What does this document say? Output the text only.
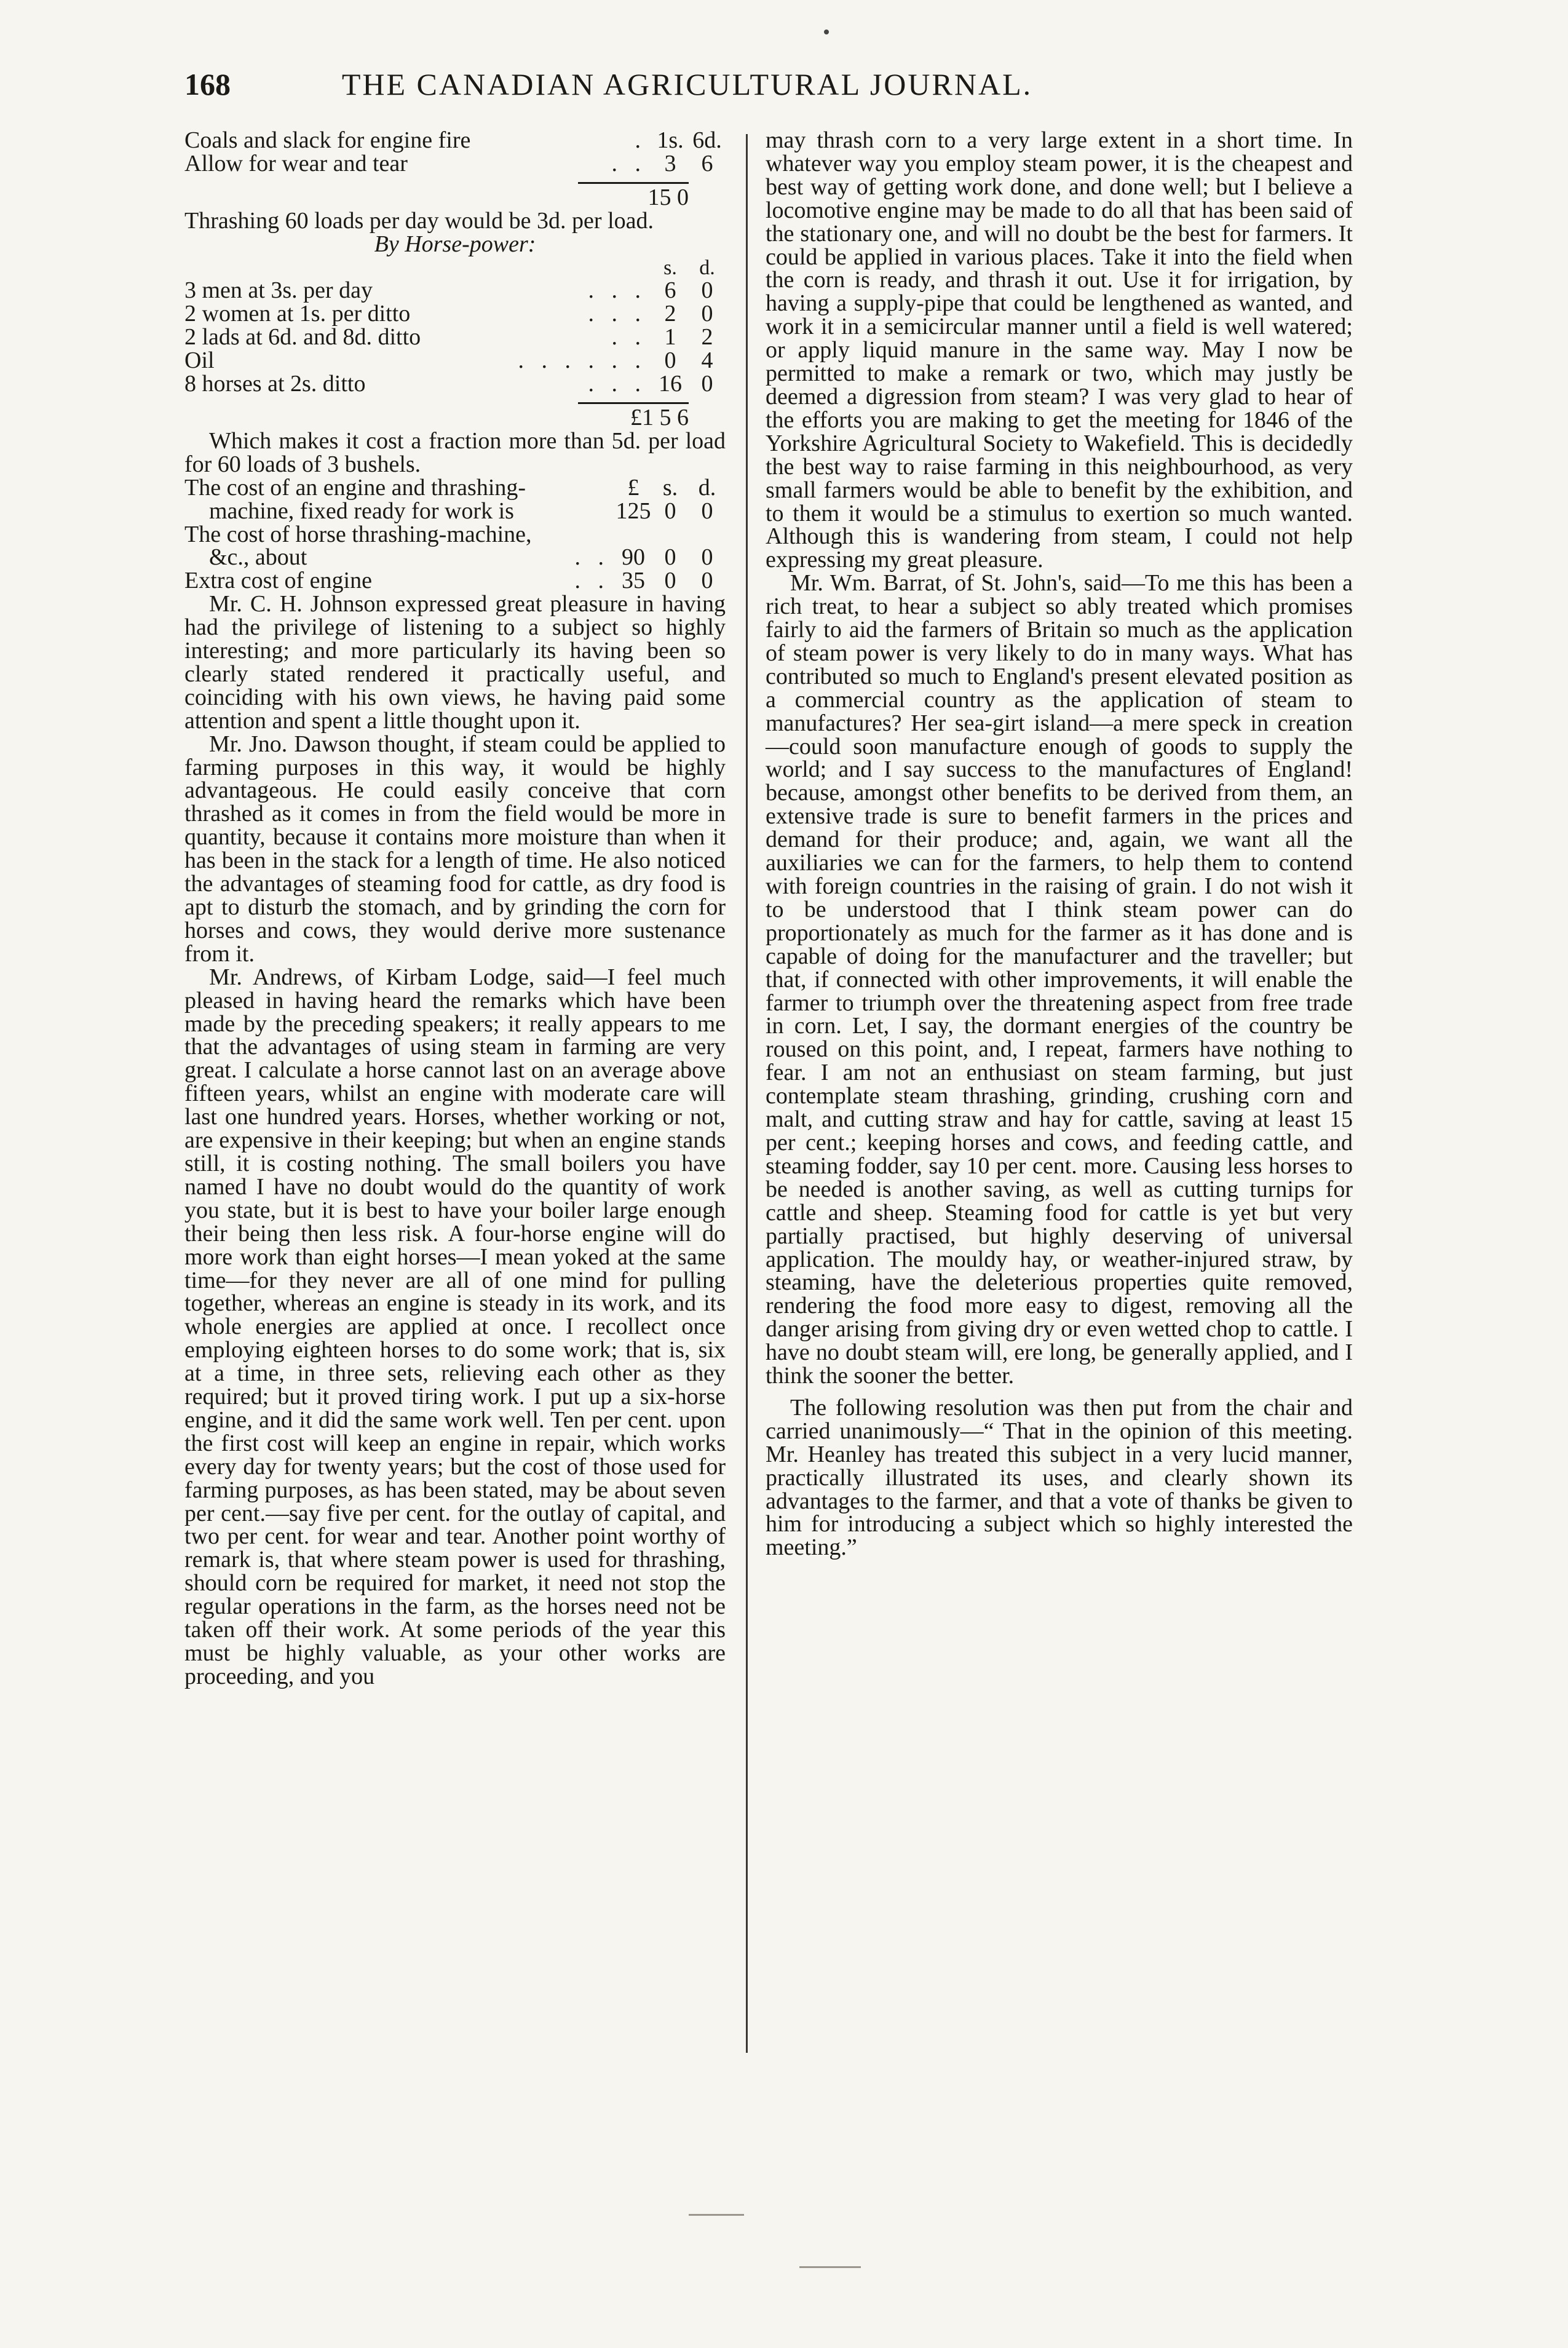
168	THE CANADIAN AGRICULTURAL JOURNAL.
Coals and slack for engine fire	.	1s.	6d.
Allow for wear and tear	.   .	3	6
15 0

Thrashing 60 loads per day would be 3d. per load.

By Horse-power:
		s.	d.
3 men at 3s. per day	.   .   .	6	0
2 women at 1s. per ditto	.   .   .	2	0
2 lads at 6d. and 8d. ditto	.   .	1	2
Oil	.   .   .   .   .   .	0	4
8 horses at 2s. ditto	.   .   .	16	0
£1 5 6

Which makes it cost a fraction more than 5d. per load for 60 loads of 3 bushels.

The cost of an engine and thrashing-		£	s.	d.
machine, fixed ready for work is		125	0	0
The cost of horse thrashing-machine,				
&c., about	.   .	90	0	0
Extra cost of engine	.   .	35	0	0

Mr. C. H. Johnson expressed great pleasure in having had the privilege of listening to a subject so highly interesting; and more particularly its having been so clearly stated rendered it practically useful, and coinciding with his own views, he having paid some attention and spent a little thought upon it.

Mr. Jno. Dawson thought, if steam could be applied to farming purposes in this way, it would be highly advantageous. He could easily conceive that corn thrashed as it comes in from the field would be more in quantity, because it contains more moisture than when it has been in the stack for a length of time. He also noticed the advantages of steaming food for cattle, as dry food is apt to disturb the stomach, and by grinding the corn for horses and cows, they would derive more sustenance from it.

Mr. Andrews, of Kirbam Lodge, said—I feel much pleased in having heard the remarks which have been made by the preceding speakers; it really appears to me that the advantages of using steam in farming are very great. I calculate a horse cannot last on an average above fifteen years, whilst an engine with moderate care will last one hundred years. Horses, whether working or not, are expensive in their keeping; but when an engine stands still, it is costing nothing. The small boilers you have named I have no doubt would do the quantity of work you state, but it is best to have your boiler large enough their being then less risk. A four-horse engine will do more work than eight horses—I mean yoked at the same time—for they never are all of one mind for pulling together, whereas an engine is steady in its work, and its whole energies are applied at once. I recollect once employing eighteen horses to do some work; that is, six at a time, in three sets, relieving each other as they required; but it proved tiring work. I put up a six-horse engine, and it did the same work well. Ten per cent. upon the first cost will keep an engine in repair, which works every day for twenty years; but the cost of those used for farming purposes, as has been stated, may be about seven per cent.—say five per cent. for the outlay of capital, and two per cent. for wear and tear. Another point worthy of remark is, that where steam power is used for thrashing, should corn be required for market, it need not stop the regular operations in the farm, as the horses need not be taken off their work. At some periods of the year this must be highly valuable, as your other works are proceeding, and you

may thrash corn to a very large extent in a short time. In whatever way you employ steam power, it is the cheapest and best way of getting work done, and done well; but I believe a locomotive engine may be made to do all that has been said of the stationary one, and will no doubt be the best for farmers. It could be applied in various places. Take it into the field when the corn is ready, and thrash it out. Use it for irrigation, by having a supply-pipe that could be lengthened as wanted, and work it in a semicircular manner until a field is well watered; or apply liquid manure in the same way. May I now be permitted to make a remark or two, which may justly be deemed a digression from steam? I was very glad to hear of the efforts you are making to get the meeting for 1846 of the Yorkshire Agricultural Society to Wakefield. This is decidedly the best way to raise farming in this neighbourhood, as very small farmers would be able to benefit by the exhibition, and to them it would be a stimulus to exertion so much wanted. Although this is wandering from steam, I could not help expressing my great pleasure.

Mr. Wm. Barrat, of St. John's, said—To me this has been a rich treat, to hear a subject so ably treated which promises fairly to aid the farmers of Britain so much as the application of steam power is very likely to do in many ways. What has contributed so much to England's present elevated position as a commercial country as the application of steam to manufactures? Her sea-girt island—a mere speck in creation—could soon manufacture enough of goods to supply the world; and I say success to the manufactures of England! because, amongst other benefits to be derived from them, an extensive trade is sure to benefit farmers in the prices and demand for their produce; and, again, we want all the auxiliaries we can for the farmers, to help them to contend with foreign countries in the raising of grain. I do not wish it to be understood that I think steam power can do proportionately as much for the farmer as it has done and is capable of doing for the manufacturer and the traveller; but that, if connected with other improvements, it will enable the farmer to triumph over the threatening aspect from free trade in corn. Let, I say, the dormant energies of the country be roused on this point, and, I repeat, farmers have nothing to fear. I am not an enthusiast on steam farming, but just contemplate steam thrashing, grinding, crushing corn and malt, and cutting straw and hay for cattle, saving at least 15 per cent.; keeping horses and cows, and feeding cattle, and steaming fodder, say 10 per cent. more. Causing less horses to be needed is another saving, as well as cutting turnips for cattle and sheep. Steaming food for cattle is yet but very partially practised, but highly deserving of universal application. The mouldy hay, or weather-injured straw, by steaming, have the deleterious properties quite removed, rendering the food more easy to digest, removing all the danger arising from giving dry or even wetted chop to cattle. I have no doubt steam will, ere long, be generally applied, and I think the sooner the better.

The following resolution was then put from the chair and carried unanimously—“ That in the opinion of this meeting. Mr. Heanley has treated this subject in a very lucid manner, practically illustrated its uses, and clearly shown its advantages to the farmer, and that a vote of thanks be given to him for introducing a subject which so highly interested the meeting.”
